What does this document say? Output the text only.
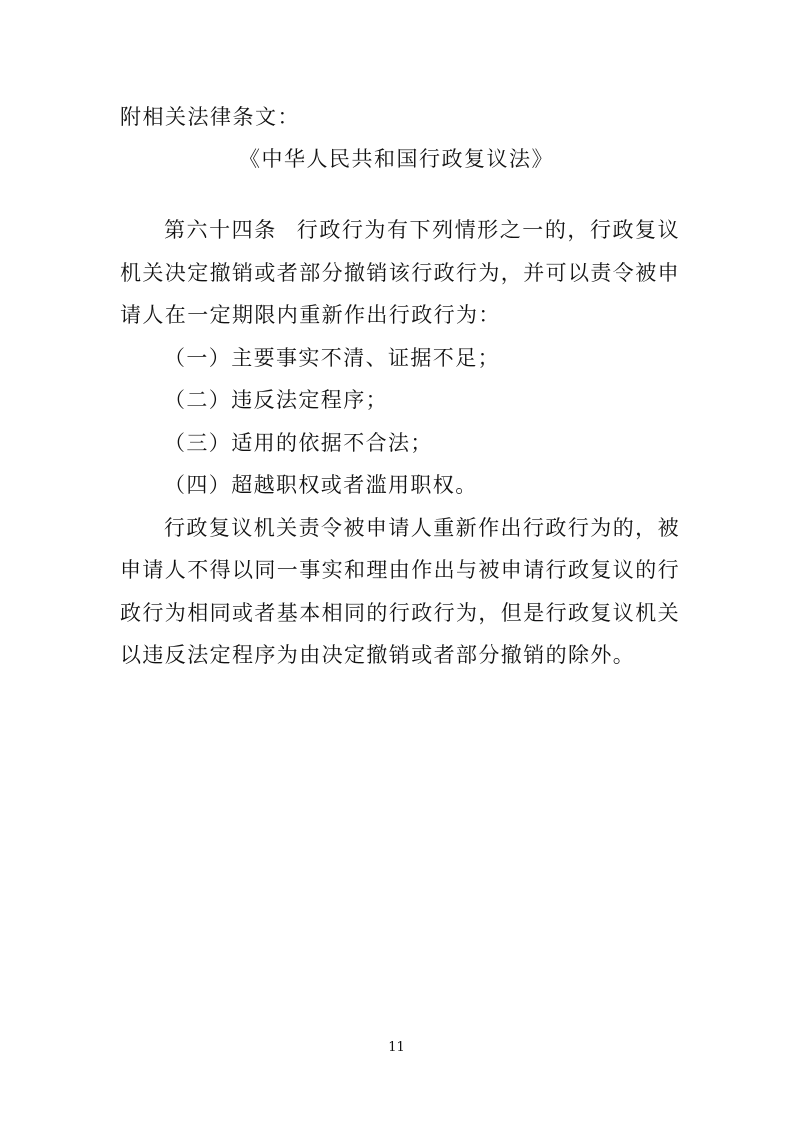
附相关法律条文：
《中华人民共和国行政复议法》

第六十四条 行政行为有下列情形之一的，行政复议机关决定撤销或者部分撤销该行政行为，并可以责令被申请人在一定期限内重新作出行政行为：

（一）主要事实不清、证据不足；

（二）违反法定程序；

（三）适用的依据不合法；

（四）超越职权或者滥用职权。

行政复议机关责令被申请人重新作出行政行为的，被申请人不得以同一事实和理由作出与被申请行政复议的行政行为相同或者基本相同的行政行为，但是行政复议机关以违反法定程序为由决定撤销或者部分撤销的除外。

11
